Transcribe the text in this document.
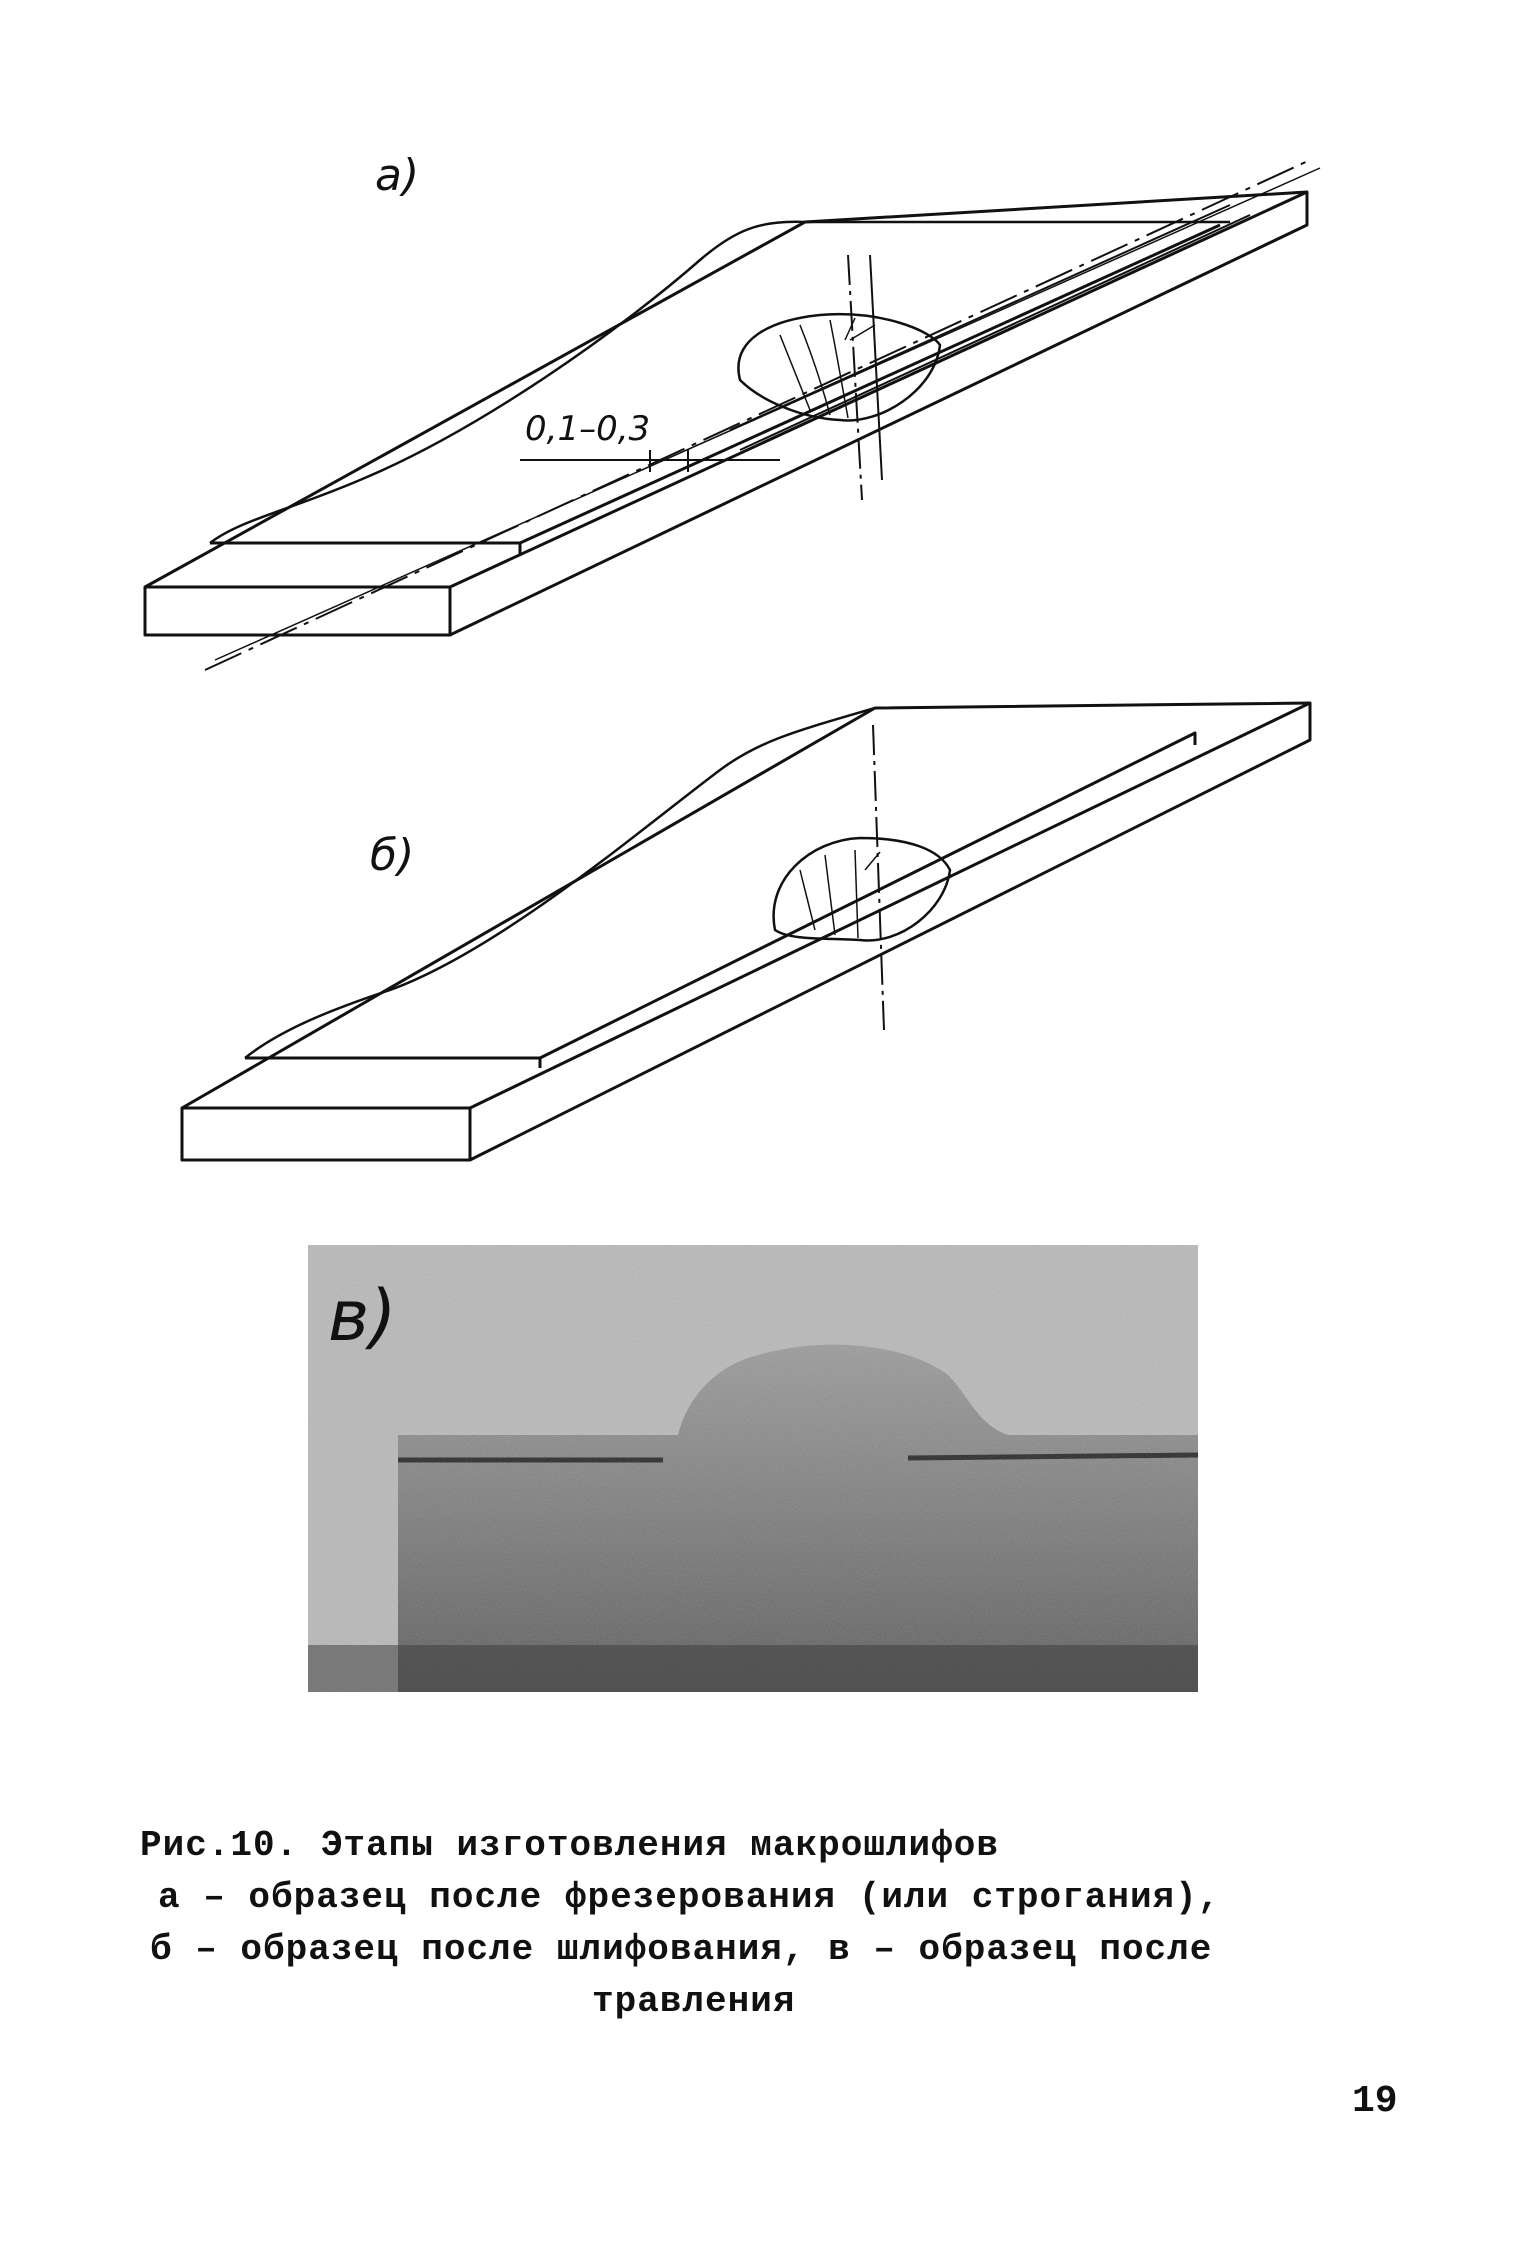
а)
0,1–0,3
б)
в)
Рис.10. Этапы изготовления макрошлифов
а – образец после фрезерования (или строгания),
б – образец после шлифования, в – образец после
травления
19
